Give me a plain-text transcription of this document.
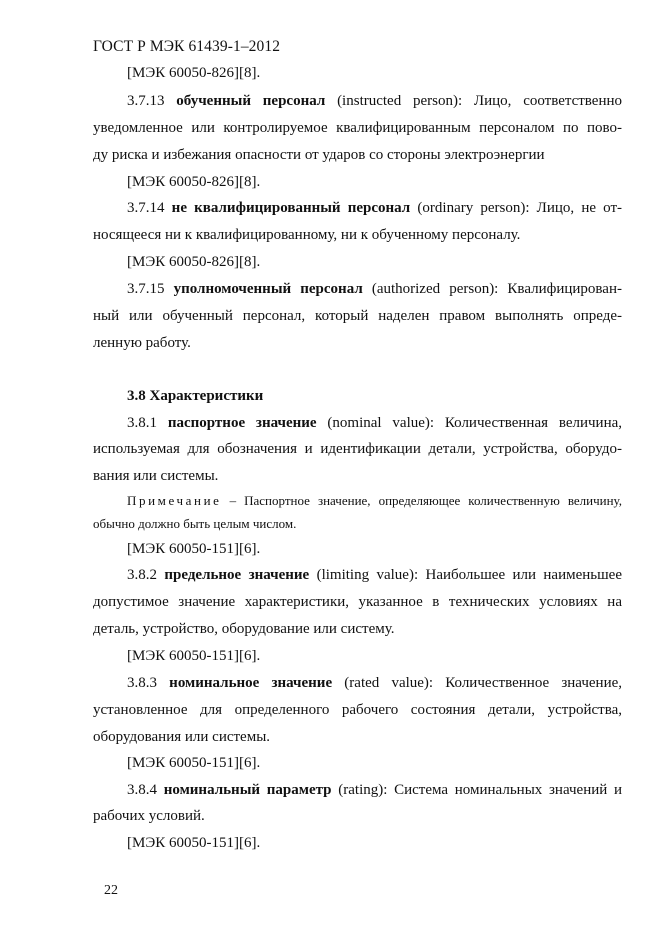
ГОСТ Р МЭК 61439-1–2012
[МЭК 60050-826][8].
3.7.13 обученный персонал (instructed person): Лицо, соответственно
уведомленное или контролируемое квалифицированным персоналом по пово-
ду риска и избежания опасности от ударов со стороны электроэнергии
[МЭК 60050-826][8].
3.7.14 не квалифицированный персонал (ordinary person): Лицо, не от-
носящееся ни к квалифицированному, ни к обученному персоналу.
[МЭК 60050-826][8].
3.7.15 уполномоченный персонал (authorized person): Квалифицирован-
ный или обученный персонал, который наделен правом выполнять опреде-
ленную работу.
3.8 Характеристики
3.8.1 паспортное значение (nominal value): Количественная величина,
используемая для обозначения и идентификации детали, устройства, оборудо-
вания или системы.
Примечание – Паспортное значение, определяющее количественную величину,
обычно должно быть целым числом.
[МЭК 60050-151][6].
3.8.2 предельное значение (limiting value): Наибольшее или наименьшее
допустимое значение характеристики, указанное в технических условиях на
деталь, устройство, оборудование или систему.
[МЭК 60050-151][6].
3.8.3 номинальное значение (rated value): Количественное значение,
установленное для определенного рабочего состояния детали, устройства,
оборудования или системы.
[МЭК 60050-151][6].
3.8.4 номинальный параметр (rating): Система номинальных значений и
рабочих условий.
[МЭК 60050-151][6].
22
